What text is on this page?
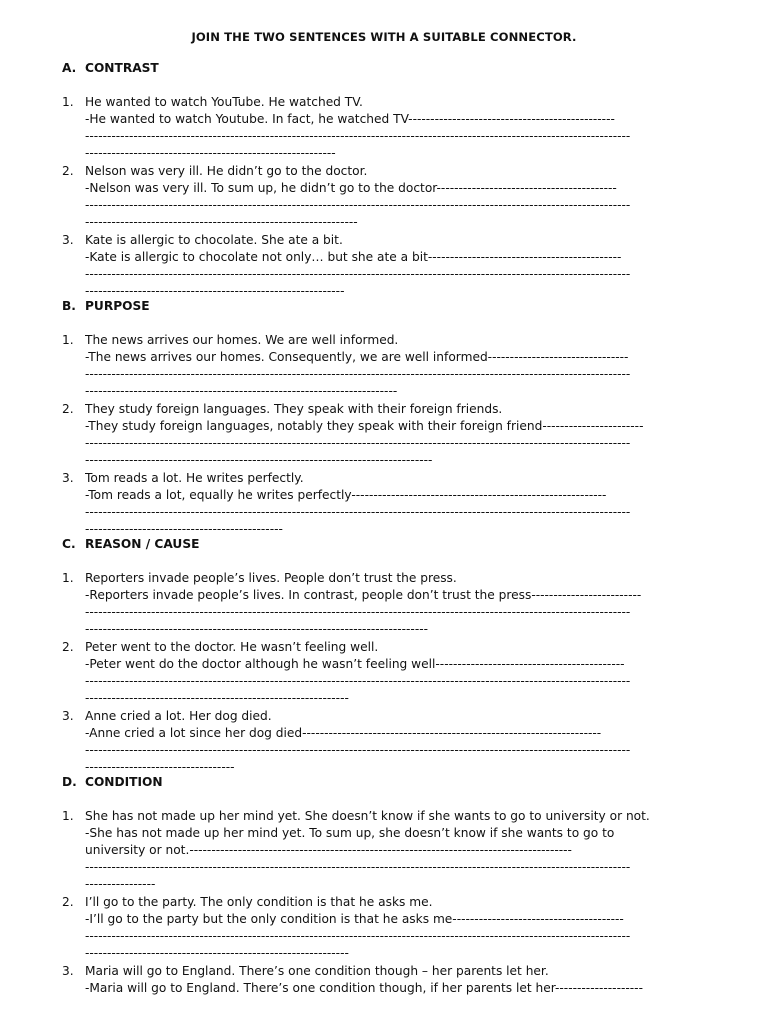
JOIN THE TWO SENTENCES WITH A SUITABLE CONNECTOR.
A. CONTRAST
1. He wanted to watch YouTube. He watched TV.
-He wanted to watch Youtube. In fact, he watched TV-----------------------------------------------
----------------------------------------------------------------------------------------------------------------------------
---------------------------------------------------------
2. Nelson was very ill. He didn’t go to the doctor.
-Nelson was very ill. To sum up, he didn’t go to the doctor-----------------------------------------
----------------------------------------------------------------------------------------------------------------------------
--------------------------------------------------------------
3. Kate is allergic to chocolate. She ate a bit.
-Kate is allergic to chocolate not only… but she ate a bit--------------------------------------------
----------------------------------------------------------------------------------------------------------------------------
-----------------------------------------------------------
B. PURPOSE
1. The news arrives our homes. We are well informed.
-The news arrives our homes. Consequently, we are well informed--------------------------------
----------------------------------------------------------------------------------------------------------------------------
-----------------------------------------------------------------------
2. They study foreign languages. They speak with their foreign friends.
-They study foreign languages, notably they speak with their foreign friend-----------------------
----------------------------------------------------------------------------------------------------------------------------
-------------------------------------------------------------------------------
3. Tom reads a lot. He writes perfectly.
-Tom reads a lot, equally he writes perfectly----------------------------------------------------------
----------------------------------------------------------------------------------------------------------------------------
---------------------------------------------
C. REASON / CAUSE
1. Reporters invade people’s lives. People don’t trust the press.
-Reporters invade people’s lives. In contrast, people don’t trust the press-------------------------
----------------------------------------------------------------------------------------------------------------------------
------------------------------------------------------------------------------
2. Peter went to the doctor. He wasn’t feeling well.
-Peter went do the doctor although he wasn’t feeling well-------------------------------------------
----------------------------------------------------------------------------------------------------------------------------
------------------------------------------------------------
3. Anne cried a lot. Her dog died.
-Anne cried a lot since her dog died--------------------------------------------------------------------
----------------------------------------------------------------------------------------------------------------------------
----------------------------------
D. CONDITION
1. She has not made up her mind yet. She doesn’t know if she wants to go to university or not.
-She has not made up her mind yet. To sum up, she doesn’t know if she wants to go to
university or not.---------------------------------------------------------------------------------------
----------------------------------------------------------------------------------------------------------------------------
----------------
2. I’ll go to the party. The only condition is that he asks me.
-I’ll go to the party but the only condition is that he asks me---------------------------------------
----------------------------------------------------------------------------------------------------------------------------
------------------------------------------------------------
3. Maria will go to England. There’s one condition though – her parents let her.
-Maria will go to England. There’s one condition though, if her parents let her--------------------
